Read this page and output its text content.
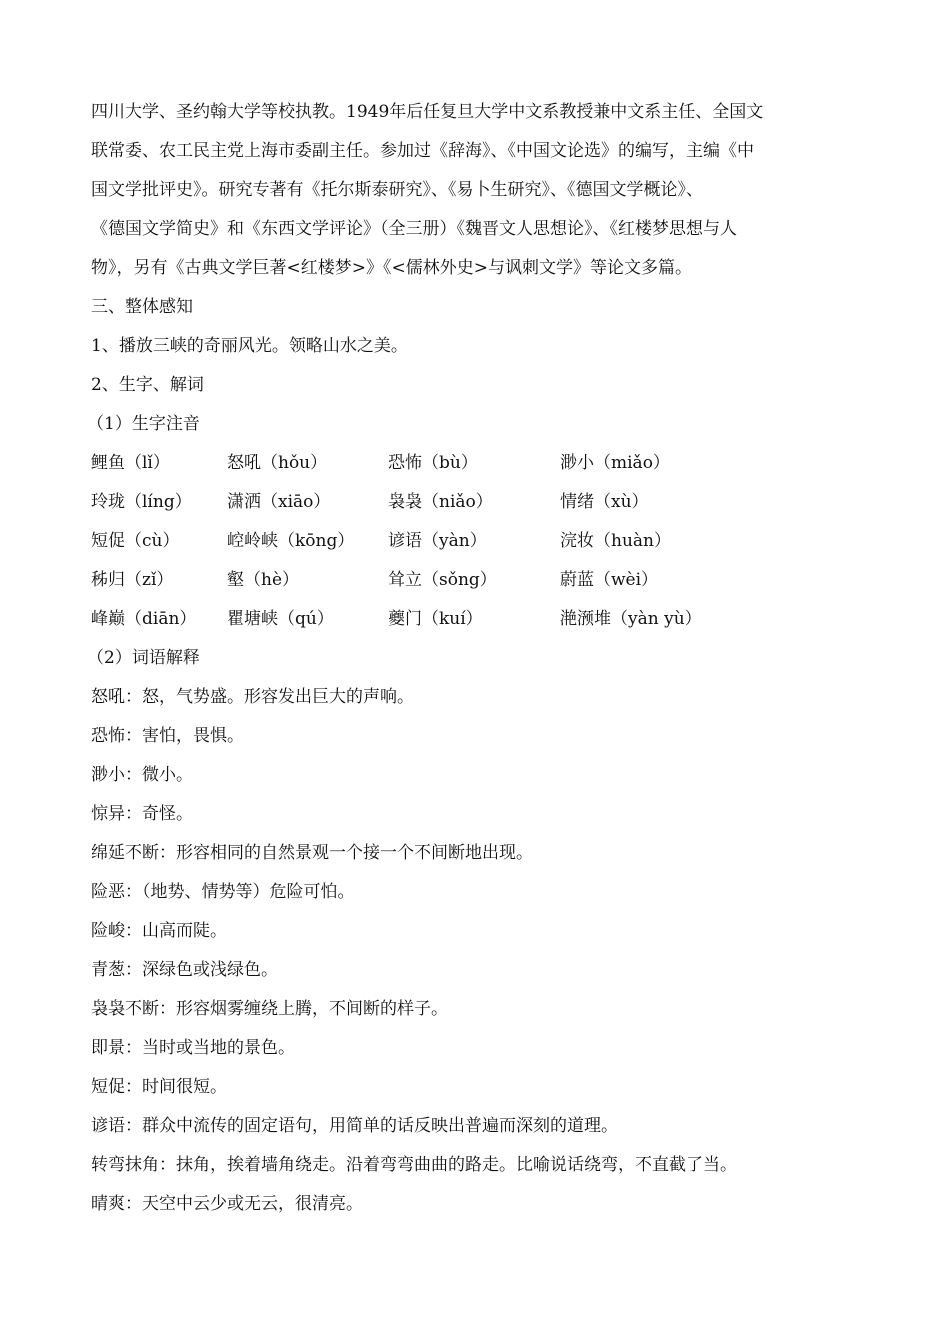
四川大学、圣约翰大学等校执教。1949年后任复旦大学中文系教授兼中文系主任、全国文
联常委、农工民主党上海市委副主任。参加过《辞海》、《中国文论选》的编写，主编《中
国文学批评史》。研究专著有《托尔斯泰研究》、《易卜生研究》、《德国文学概论》、
《德国文学简史》和《东西文学评论》（全三册）《魏晋文人思想论》、《红楼梦思想与人
物》，另有《古典文学巨著<红楼梦>》《<儒林外史>与讽刺文学》等论文多篇。
三、整体感知
1、播放三峡的奇丽风光。领略山水之美。
2、生字、解词
（1）生字注音
鲤鱼（lǐ）	怒吼（hǒu）	恐怖（bù）	渺小（miǎo）
玲珑（líng） 潇洒（xiāo）	袅袅（niǎo）	情绪（xù）
短促（cù）	崆岭峡（kōng） 谚语（yàn）	浣妆（huàn）
秭归（zǐ）	壑（hè）	耸立（sǒng）	蔚蓝（wèi）
峰巅（diān） 瞿塘峡（qú）	夔门（kuí）	滟滪堆（yàn yù）
（2）词语解释
怒吼：怒，气势盛。形容发出巨大的声响。
恐怖：害怕，畏惧。
渺小：微小。
惊异：奇怪。
绵延不断：形容相同的自然景观一个接一个不间断地出现。
险恶：（地势、情势等）危险可怕。
险峻：山高而陡。
青葱：深绿色或浅绿色。
袅袅不断：形容烟雾缠绕上腾，不间断的样子。
即景：当时或当地的景色。
短促：时间很短。
谚语：群众中流传的固定语句，用简单的话反映出普遍而深刻的道理。
转弯抹角：抹角，挨着墙角绕走。沿着弯弯曲曲的路走。比喻说话绕弯，不直截了当。
晴爽：天空中云少或无云，很清亮。
